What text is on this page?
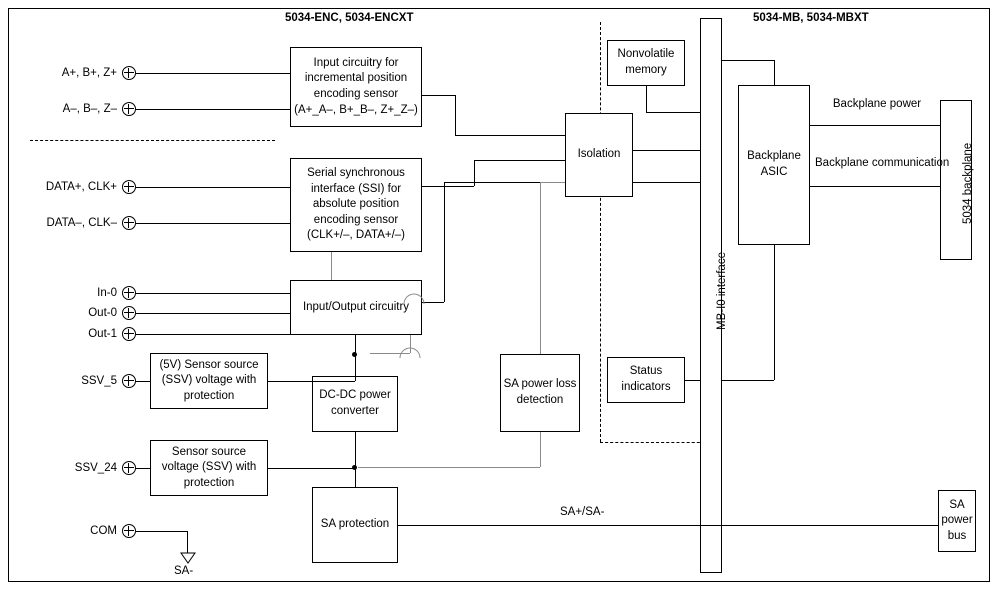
5034-ENC, 5034-ENCXT	5034-MB, 5034-MBXT
A+, B+, Z+
A–, B–, Z–
DATA+, CLK+
DATA–, CLK–
In-0
Out-0
Out-1
SSV_5
SSV_24
COM
SA-
Input circuitry for incremental position encoding sensor (A+_A–, B+_B–, Z+_Z–)
Serial synchronous interface (SSI) for absolute position encoding sensor (CLK+/–, DATA+/–)
Input/Output circuitry
(5V) Sensor source (SSV) voltage with protection
Sensor source voltage (SSV) with protection
DC-DC power converter
SA protection
SA power loss detection
Isolation
Nonvolatile memory
Status indicators
MB-I0 interface
Backplane ASIC	5034 backplane
SA power bus
Backplane power
Backplane communication
SA+/SA-
